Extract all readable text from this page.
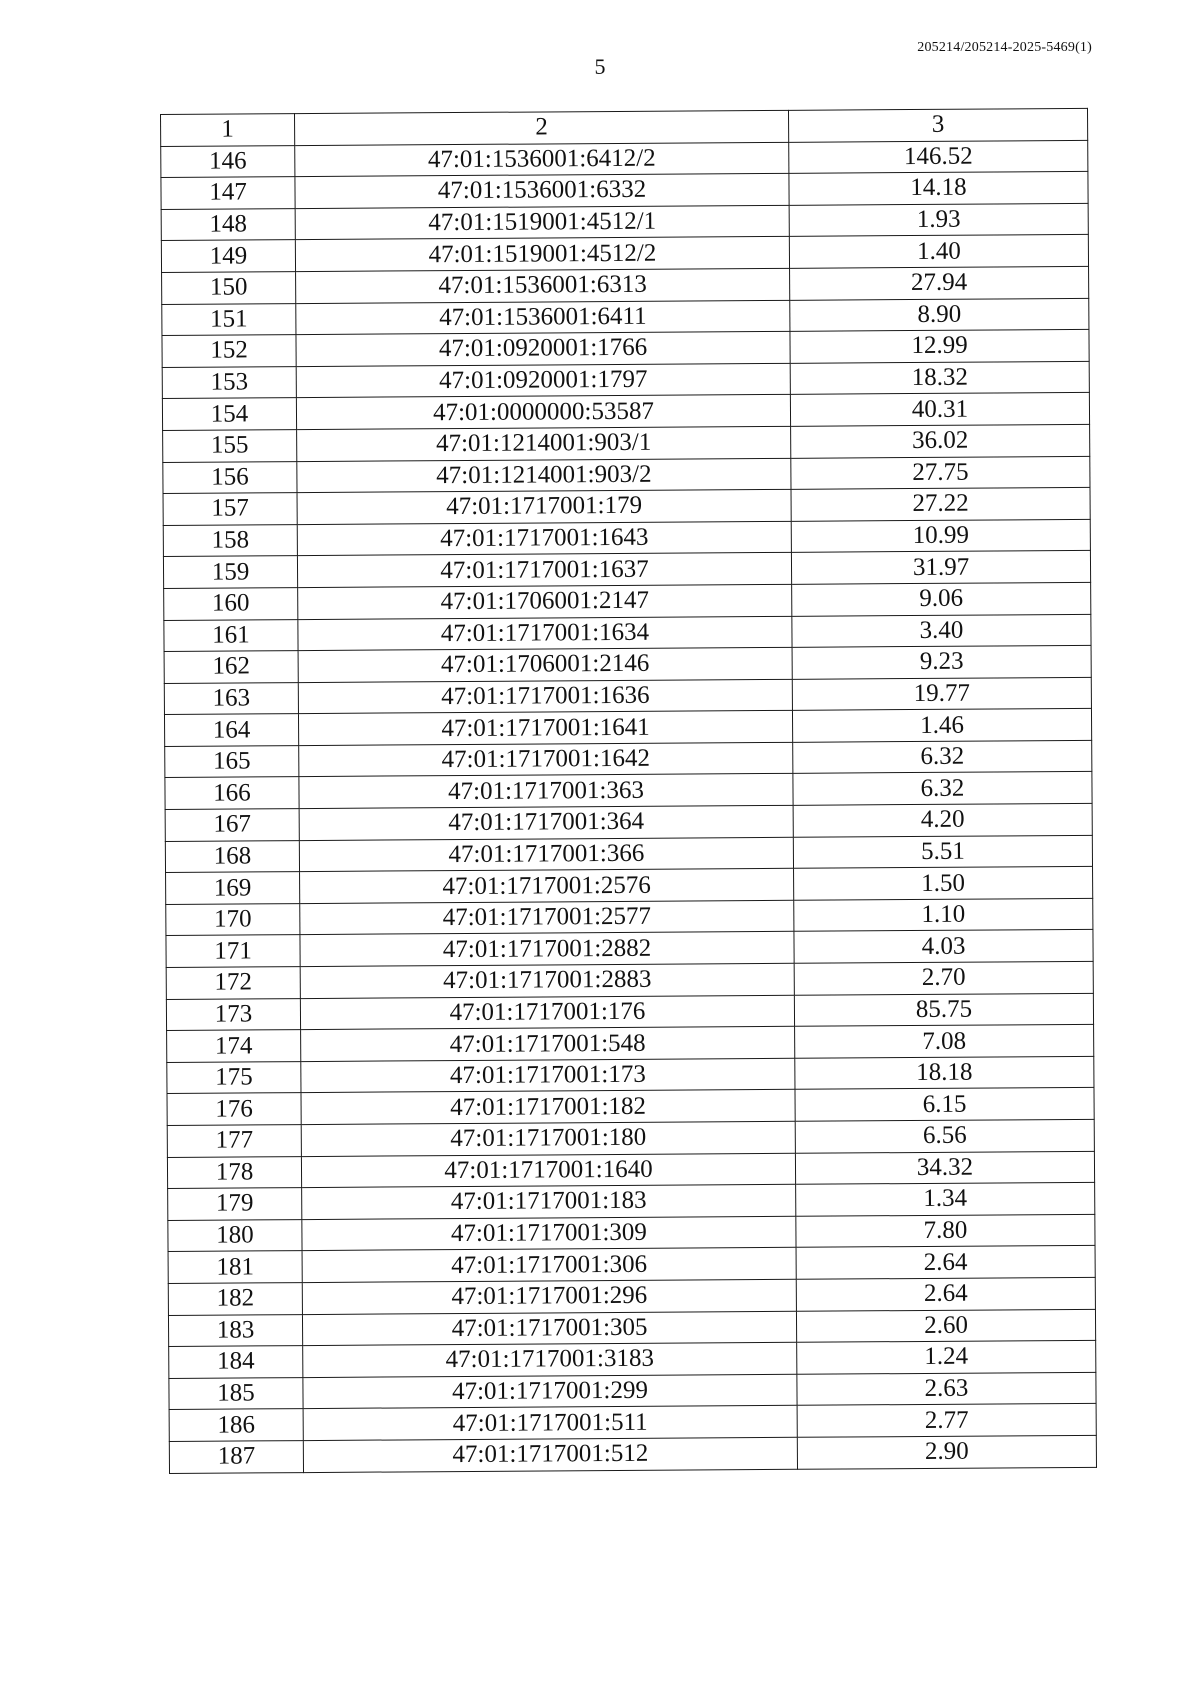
205214/205214-2025-5469(1)
5
1	2	3
146	47:01:1536001:6412/2	146.52
147	47:01:1536001:6332	14.18
148	47:01:1519001:4512/1	1.93
149	47:01:1519001:4512/2	1.40
150	47:01:1536001:6313	27.94
151	47:01:1536001:6411	8.90
152	47:01:0920001:1766	12.99
153	47:01:0920001:1797	18.32
154	47:01:0000000:53587	40.31
155	47:01:1214001:903/1	36.02
156	47:01:1214001:903/2	27.75
157	47:01:1717001:179	27.22
158	47:01:1717001:1643	10.99
159	47:01:1717001:1637	31.97
160	47:01:1706001:2147	9.06
161	47:01:1717001:1634	3.40
162	47:01:1706001:2146	9.23
163	47:01:1717001:1636	19.77
164	47:01:1717001:1641	1.46
165	47:01:1717001:1642	6.32
166	47:01:1717001:363	6.32
167	47:01:1717001:364	4.20
168	47:01:1717001:366	5.51
169	47:01:1717001:2576	1.50
170	47:01:1717001:2577	1.10
171	47:01:1717001:2882	4.03
172	47:01:1717001:2883	2.70
173	47:01:1717001:176	85.75
174	47:01:1717001:548	7.08
175	47:01:1717001:173	18.18
176	47:01:1717001:182	6.15
177	47:01:1717001:180	6.56
178	47:01:1717001:1640	34.32
179	47:01:1717001:183	1.34
180	47:01:1717001:309	7.80
181	47:01:1717001:306	2.64
182	47:01:1717001:296	2.64
183	47:01:1717001:305	2.60
184	47:01:1717001:3183	1.24
185	47:01:1717001:299	2.63
186	47:01:1717001:511	2.77
187	47:01:1717001:512	2.90
